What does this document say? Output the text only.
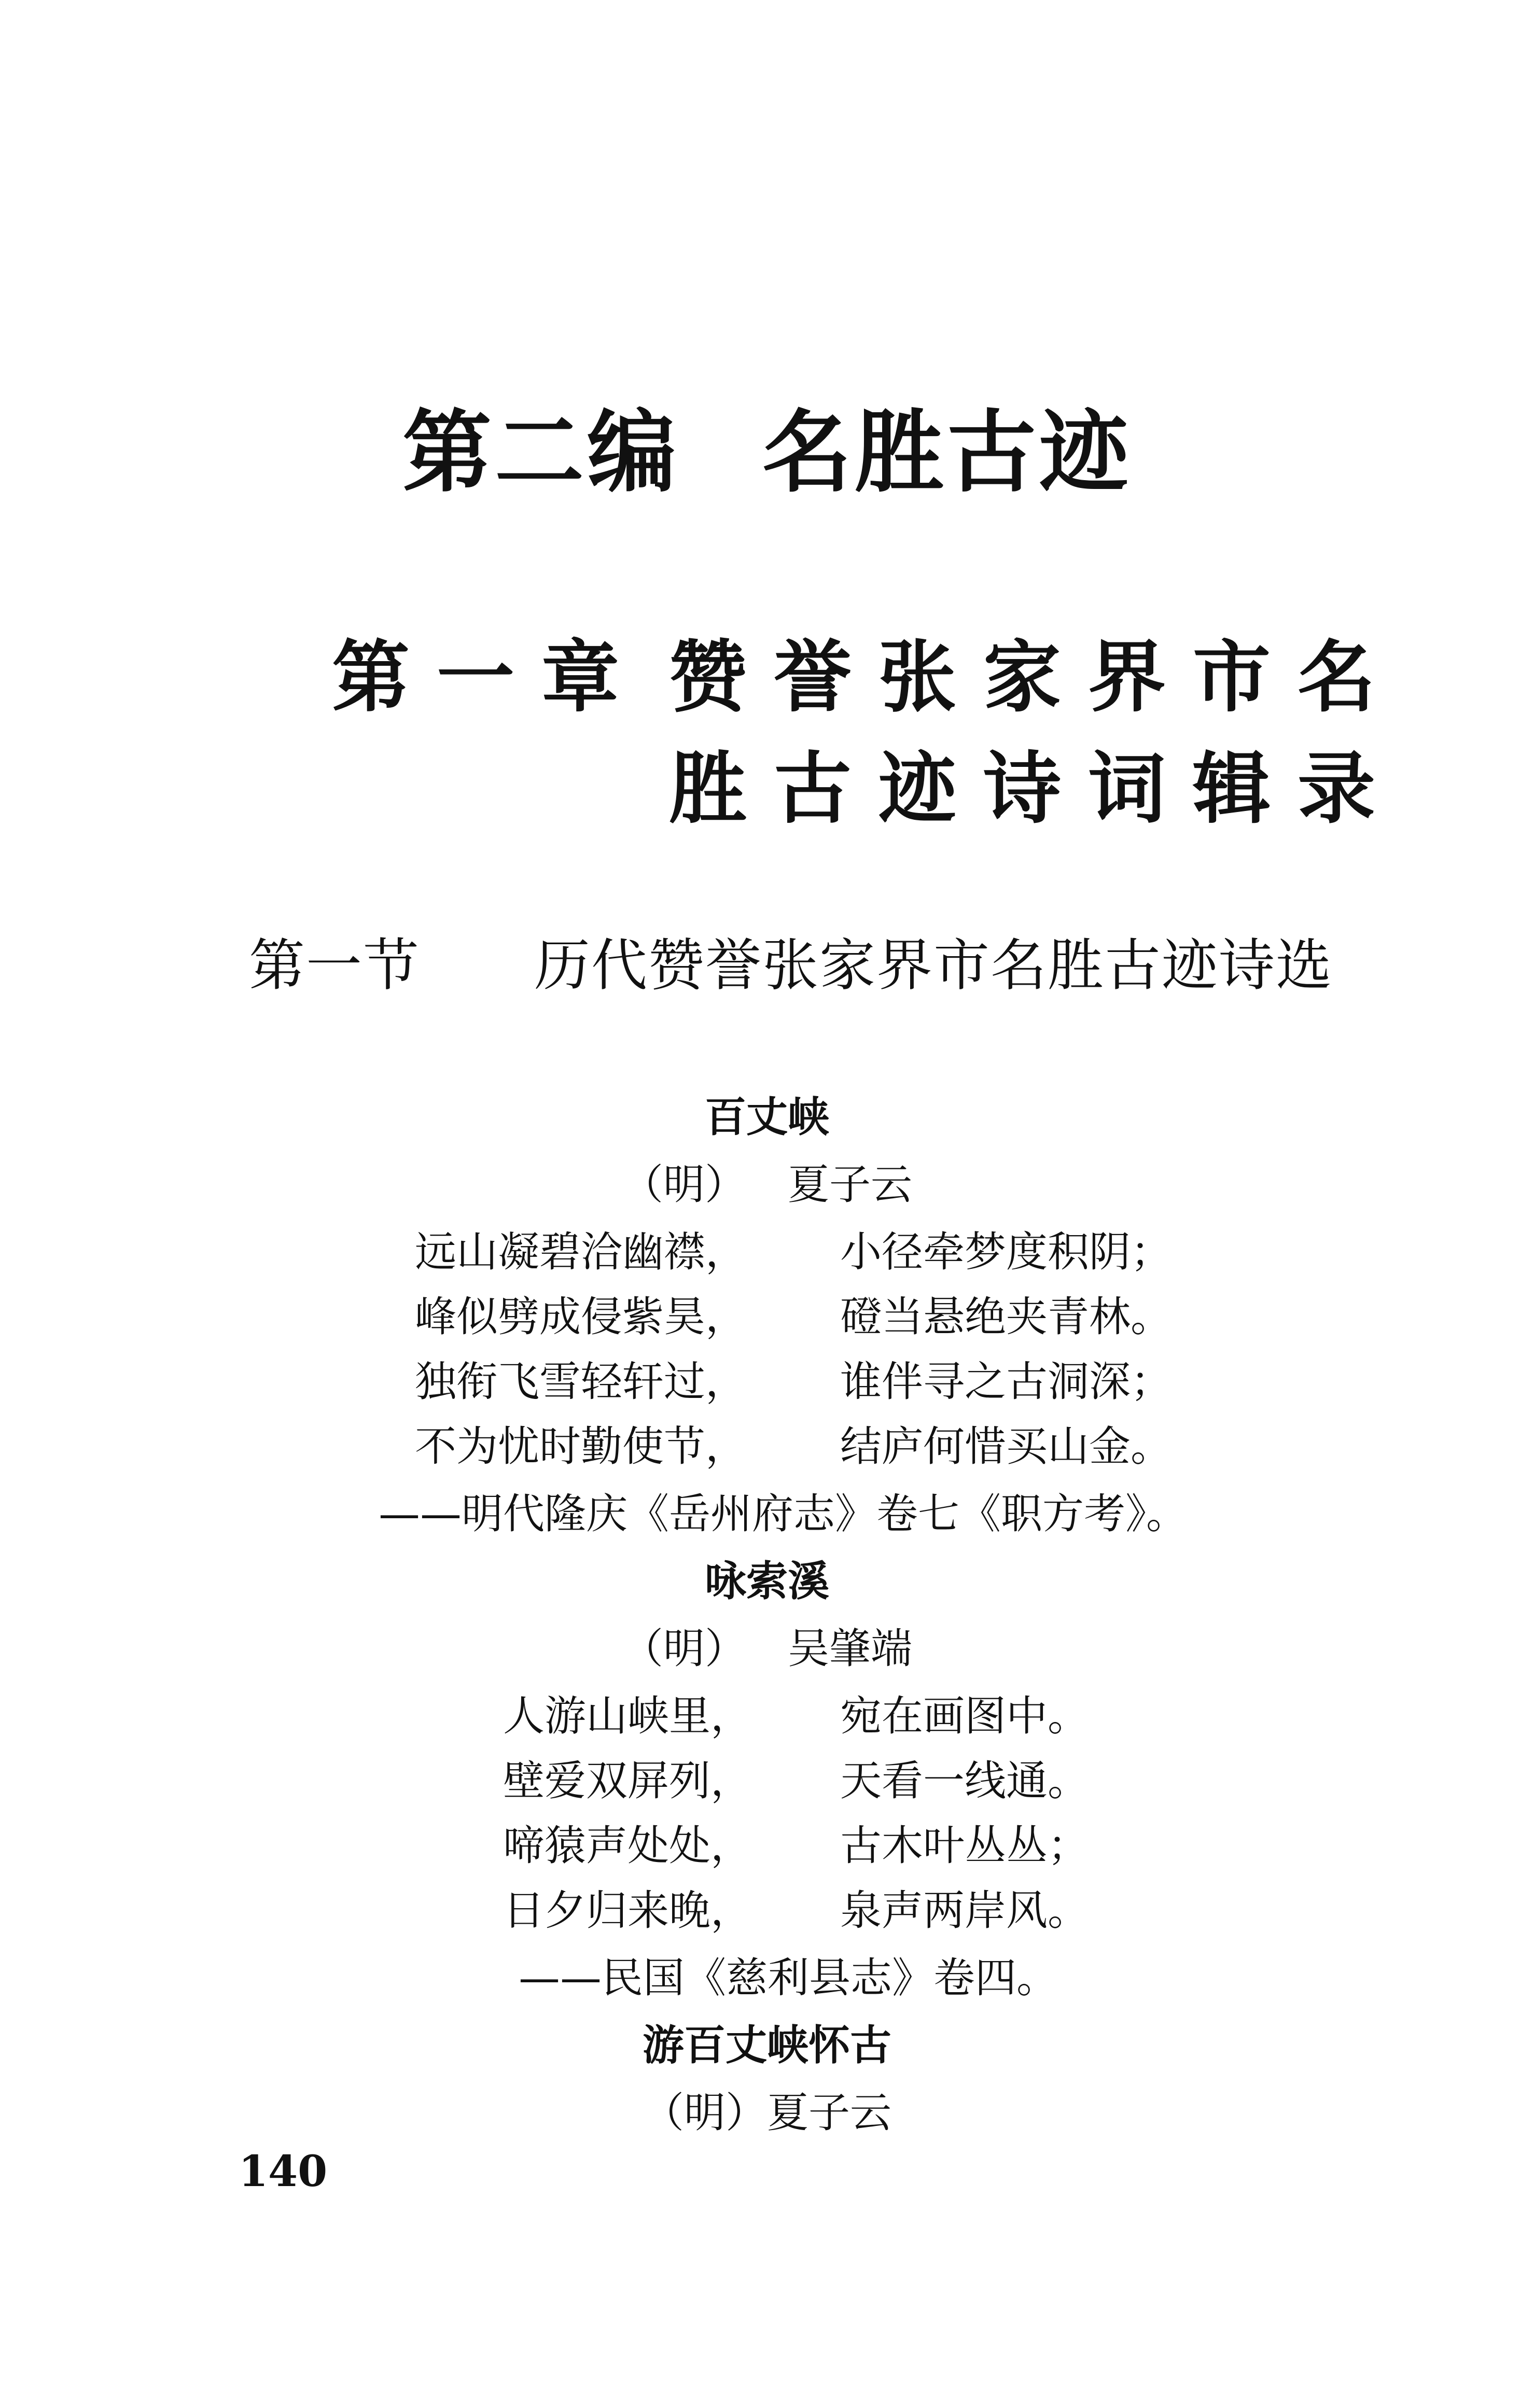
第二编 名胜古迹
第一章 赞誉张家界市名
胜古迹诗词辑录
第一节 历代赞誉张家界市名胜古迹诗选
百丈峡
（明） 夏子云
远山凝碧洽幽襟， 小径牵梦度积阴；
峰似劈成侵紫昊， 磴当悬绝夹青林。
独衔飞雪轻轩过， 谁伴寻之古洞深；
不为忧时勤使节， 结庐何惜买山金。
——明代隆庆《岳州府志》卷七《职方考》。
咏索溪
（明） 吴肇端
人游山峡里， 宛在画图中。
壁爱双屏列， 天看一线通。
啼猿声处处， 古木叶丛丛；
日夕归来晚， 泉声两岸风。
——民国《慈利县志》卷四。
游百丈峡怀古
（明）夏子云
140
